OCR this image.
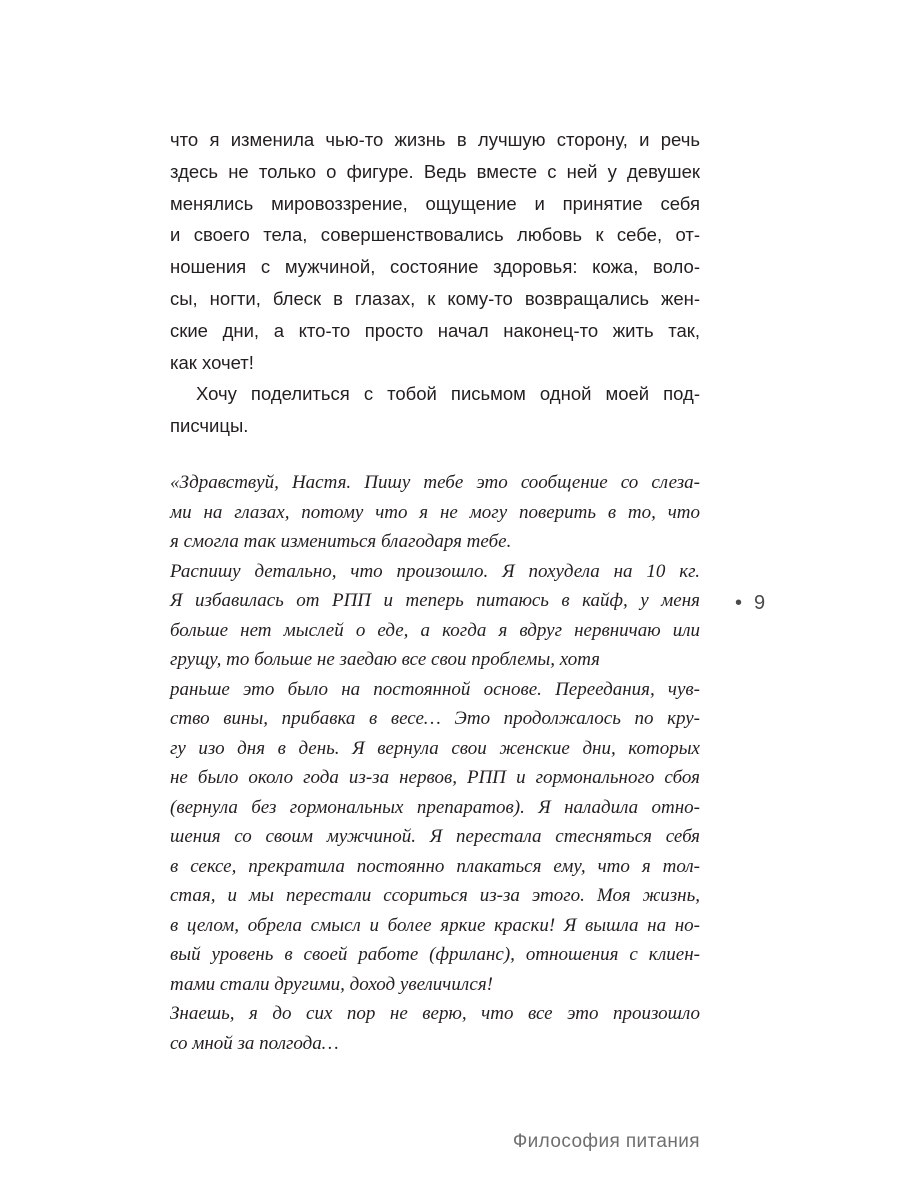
что я изменила чью-то жизнь в лучшую сторону, и речь
здесь не только о фигуре. Ведь вместе с ней у девушек
менялись мировоззрение, ощущение и принятие себя
и своего тела, совершенствовались любовь к себе, от-
ношения с мужчиной, состояние здоровья: кожа, воло-
сы, ногти, блеск в глазах, к кому-то возвращались жен-
ские дни, а кто-то просто начал наконец-то жить так,
как хочет!
Хочу поделиться с тобой письмом одной моей под-
писчицы.
«Здравствуй, Настя. Пишу тебе это сообщение со слеза-
ми на глазах, потому что я не могу поверить в то, что
я смогла так измениться благодаря тебе.
Распишу детально, что произошло. Я похудела на 10 кг.
Я избавилась от РПП и теперь питаюсь в кайф, у меня
больше нет мыслей о еде, а когда я вдруг нервничаю или
грущу, то больше не заедаю все свои проблемы, хотя
раньше это было на постоянной основе. Переедания, чув-
ство вины, прибавка в весе… Это продолжалось по кру-
гу изо дня в день. Я вернула свои женские дни, которых
не было около года из-за нервов, РПП и гормонального сбоя
(вернула без гормональных препаратов). Я наладила отно-
шения со своим мужчиной. Я перестала стесняться себя
в сексе, прекратила постоянно плакаться ему, что я тол-
стая, и мы перестали ссориться из-за этого. Моя жизнь,
в целом, обрела смысл и более яркие краски! Я вышла на но-
вый уровень в своей работе (фриланс), отношения с клиен-
тами стали другими, доход увеличился!
Знаешь, я до сих пор не верю, что все это произошло
со мной за полгода…
• 9
Философия питания
